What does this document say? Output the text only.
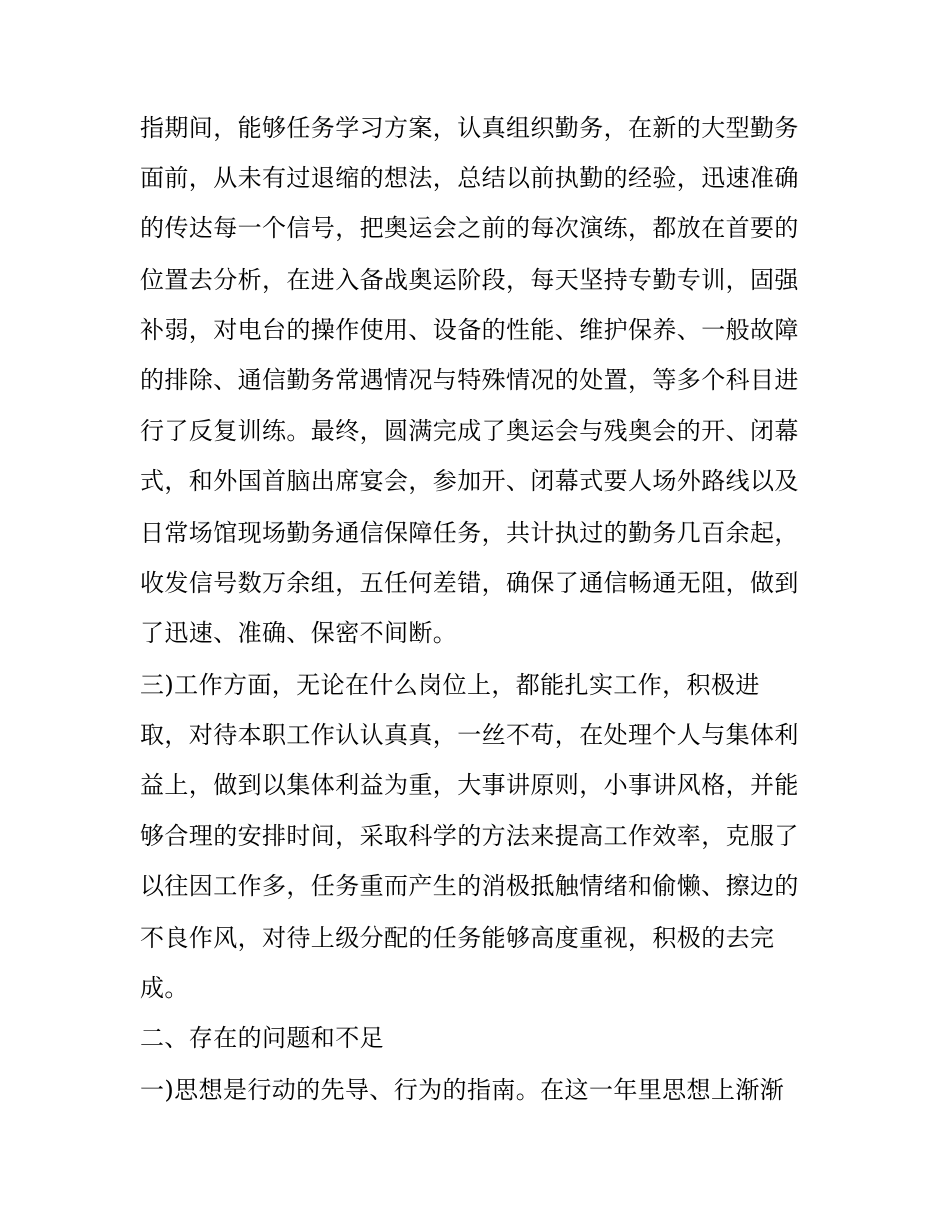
指期间，能够任务学习方案，认真组织勤务，在新的大型勤务
面前，从未有过退缩的想法，总结以前执勤的经验，迅速准确
的传达每一个信号，把奥运会之前的每次演练，都放在首要的
位置去分析，在进入备战奥运阶段，每天坚持专勤专训，固强
补弱，对电台的操作使用、设备的性能、维护保养、一般故障
的排除、通信勤务常遇情况与特殊情况的处置，等多个科目进
行了反复训练。最终，圆满完成了奥运会与残奥会的开、闭幕
式，和外国首脑出席宴会，参加开、闭幕式要人场外路线以及
日常场馆现场勤务通信保障任务，共计执过的勤务几百余起，
收发信号数万余组，五任何差错，确保了通信畅通无阻，做到
了迅速、准确、保密不间断。
三)工作方面，无论在什么岗位上，都能扎实工作，积极进
取，对待本职工作认认真真，一丝不苟，在处理个人与集体利
益上，做到以集体利益为重，大事讲原则，小事讲风格，并能
够合理的安排时间，采取科学的方法来提高工作效率，克服了
以往因工作多，任务重而产生的消极抵触情绪和偷懒、擦边的
不良作风，对待上级分配的任务能够高度重视，积极的去完
成。
二、存在的问题和不足
一)思想是行动的先导、行为的指南。在这一年里思想上渐渐
